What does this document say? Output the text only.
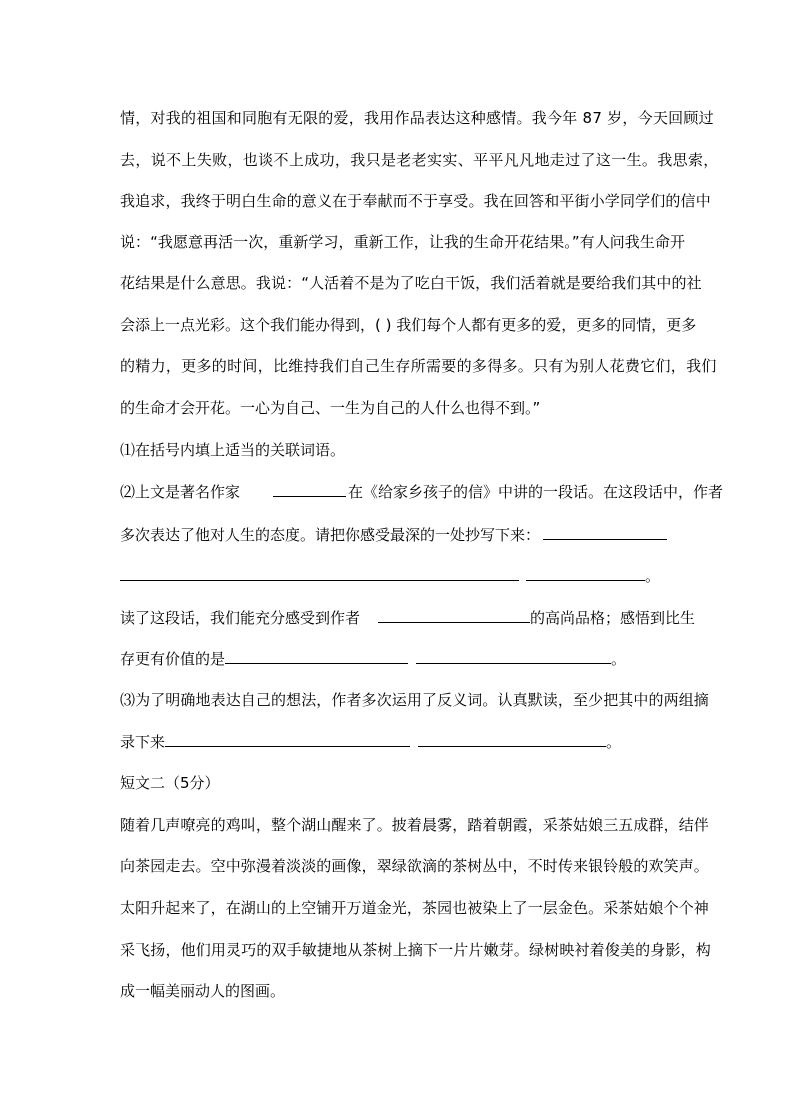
情，对我的祖国和同胞有无限的爱，我用作品表达这种感情。我今年 87 岁，今天回顾过
去，说不上失败，也谈不上成功，我只是老老实实、平平凡凡地走过了这一生。我思索，
我追求，我终于明白生命的意义在于奉献而不于享受。我在回答和平街小学同学们的信中
说：“我愿意再活一次，重新学习，重新工作，让我的生命开花结果。”有人问我生命开
花结果是什么意思。我说：“人活着不是为了吃白干饭，我们活着就是要给我们其中的社
会添上一点光彩。这个我们能办得到，( ) 我们每个人都有更多的爱，更多的同情，更多
的精力，更多的时间，比维持我们自己生存所需要的多得多。只有为别人花费它们，我们
的生命才会开花。一心为自己、一生为自己的人什么也得不到。”
⑴在括号内填上适当的关联词语。
⑵上文是著名作家	在《给家乡孩子的信》中讲的一段话。在这段话中，作者
多次表达了他对人生的态度。请把你感受最深的一处抄写下来：
。
读了这段话，我们能充分感受到作者	的高尚品格；感悟到比生
存更有价值的是	。
⑶为了明确地表达自己的想法，作者多次运用了反义词。认真默读，至少把其中的两组摘
录下来	。
短文二（5分）
随着几声嘹亮的鸡叫，整个湖山醒来了。披着晨雾，踏着朝霞，采茶姑娘三五成群，结伴
向茶园走去。空中弥漫着淡淡的画像，翠绿欲滴的茶树丛中，不时传来银铃般的欢笑声。
太阳升起来了，在湖山的上空铺开万道金光，茶园也被染上了一层金色。采茶姑娘个个神
采飞扬，他们用灵巧的双手敏捷地从茶树上摘下一片片嫩芽。绿树映衬着俊美的身影，构
成一幅美丽动人的图画。
